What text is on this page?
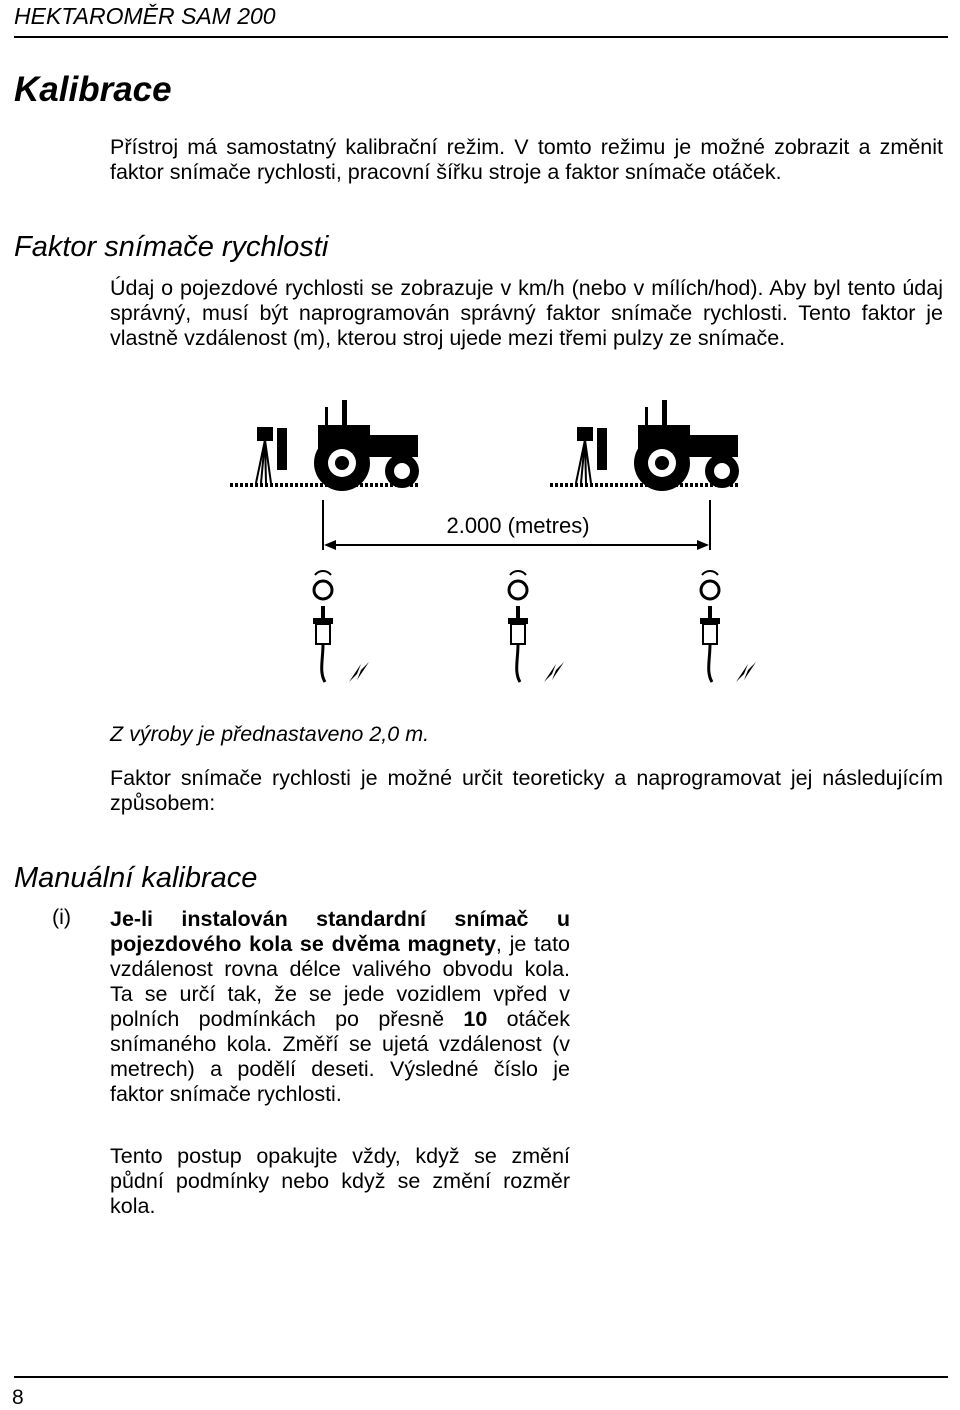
HEKTAROMĚR SAM 200
Kalibrace
Přístroj má samostatný kalibrační režim. V tomto režimu je možné zobrazit a změnit faktor snímače rychlosti, pracovní šířku stroje a faktor snímače otáček.
Faktor snímače rychlosti
Údaj o pojezdové rychlosti se zobrazuje v km/h (nebo v mílích/hod). Aby byl tento údaj správný, musí být naprogramován správný faktor snímače rychlosti. Tento faktor je vlastně vzdálenost (m), kterou stroj ujede mezi třemi pulzy ze snímače.
2.000 (metres)
Z výroby je přednastaveno 2,0 m.
Faktor snímače rychlosti je možné určit teoreticky a naprogramovat jej následujícím způsobem:
Manuální kalibrace
(i) Je-li instalován standardní snímač u pojezdového kola se dvěma magnety, je tato vzdálenost rovna délce valivého obvodu kola. Ta se určí tak, že se jede vozidlem vpřed v polních podmínkách po přesně 10 otáček snímaného kola. Změří se ujetá vzdálenost (v metrech) a podělí deseti. Výsledné číslo je faktor snímače rychlosti.
Tento postup opakujte vždy, když se změní půdní podmínky nebo když se změní rozměr kola.
8
